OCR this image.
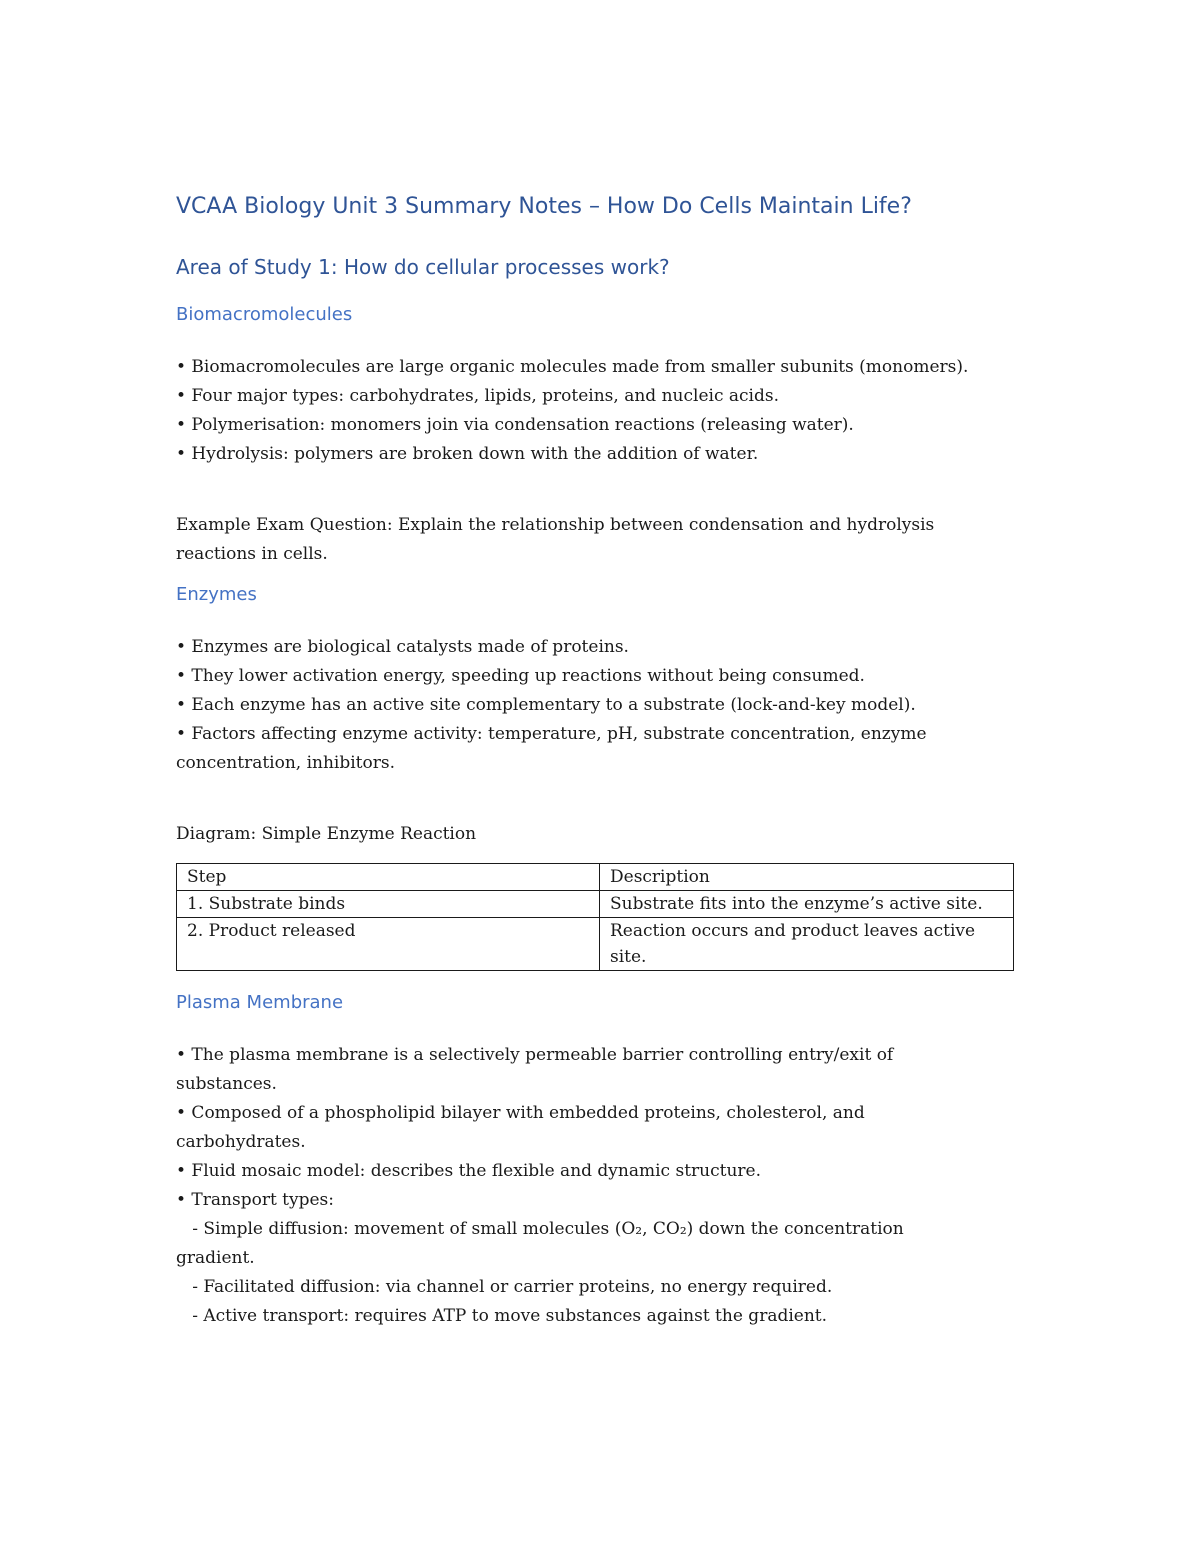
VCAA Biology Unit 3 Summary Notes – How Do Cells Maintain Life?
Area of Study 1: How do cellular processes work?
Biomacromolecules

• Biomacromolecules are large organic molecules made from smaller subunits (monomers).

• Four major types: carbohydrates, lipids, proteins, and nucleic acids.

• Polymerisation: monomers join via condensation reactions (releasing water).

• Hydrolysis: polymers are broken down with the addition of water.

Example Exam Question: Explain the relationship between condensation and hydrolysis

reactions in cells.

Enzymes

• Enzymes are biological catalysts made of proteins.

• They lower activation energy, speeding up reactions without being consumed.

• Each enzyme has an active site complementary to a substrate (lock-and-key model).

• Factors affecting enzyme activity: temperature, pH, substrate concentration, enzyme

concentration, inhibitors.

Diagram: Simple Enzyme Reaction

Step	Description
1. Substrate binds	Substrate fits into the enzyme’s active site.
2. Product released	Reaction occurs and product leaves active site.
Plasma Membrane

• The plasma membrane is a selectively permeable barrier controlling entry/exit of

substances.

• Composed of a phospholipid bilayer with embedded proteins, cholesterol, and

carbohydrates.

• Fluid mosaic model: describes the flexible and dynamic structure.

• Transport types:

- Simple diffusion: movement of small molecules (O₂, CO₂) down the concentration

gradient.

- Facilitated diffusion: via channel or carrier proteins, no energy required.

- Active transport: requires ATP to move substances against the gradient.
